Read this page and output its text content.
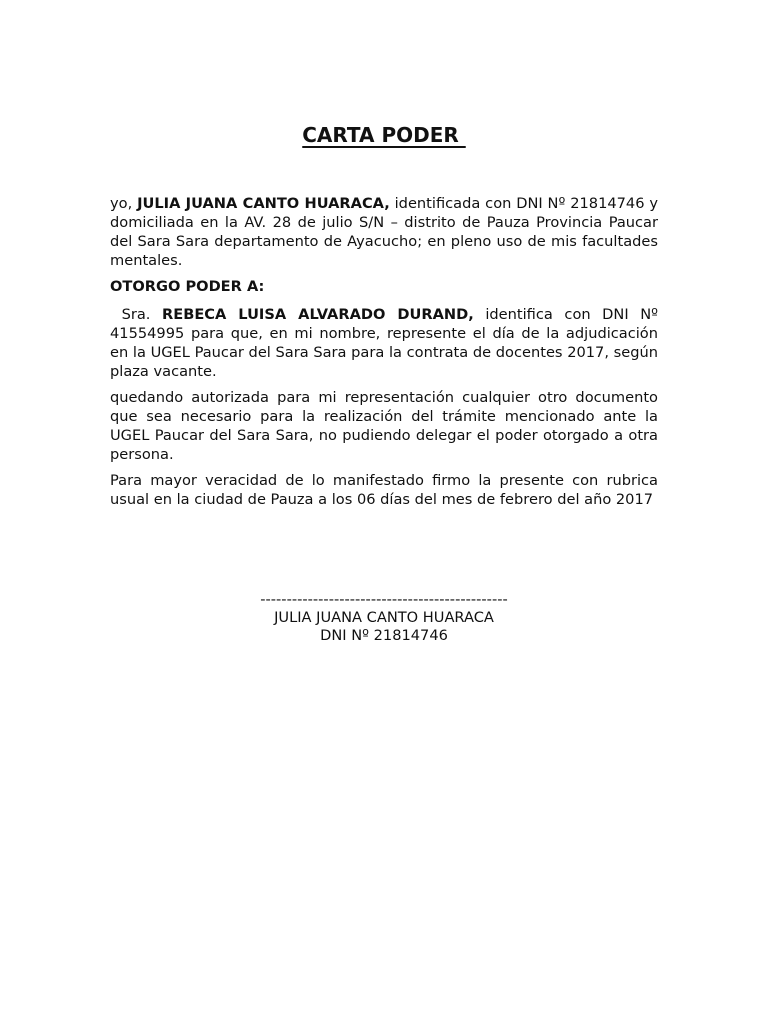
CARTA PODER

yo, JULIA JUANA CANTO HUARACA, identificada con DNI Nº 21814746 y domiciliada en la AV. 28 de julio S/N – distrito de Pauza Provincia Paucar del Sara Sara departamento de Ayacucho; en pleno uso de mis facultades mentales.

OTORGO PODER A:

Sra. REBECA LUISA ALVARADO DURAND, identifica con DNI Nº 41554995 para que, en mi nombre, represente el día de la adjudicación en la UGEL Paucar del Sara Sara para la contrata de docentes 2017, según plaza vacante.

quedando autorizada para mi representación cualquier otro documento que sea necesario para la realización del trámite mencionado ante la UGEL Paucar del Sara Sara, no pudiendo delegar el poder otorgado a otra persona.

Para mayor veracidad de lo manifestado firmo la presente con rubrica usual en la ciudad de Pauza a los 06 días del mes de febrero del año 2017

-----------------------------------------------
JULIA JUANA CANTO HUARACA
DNI Nº 21814746
